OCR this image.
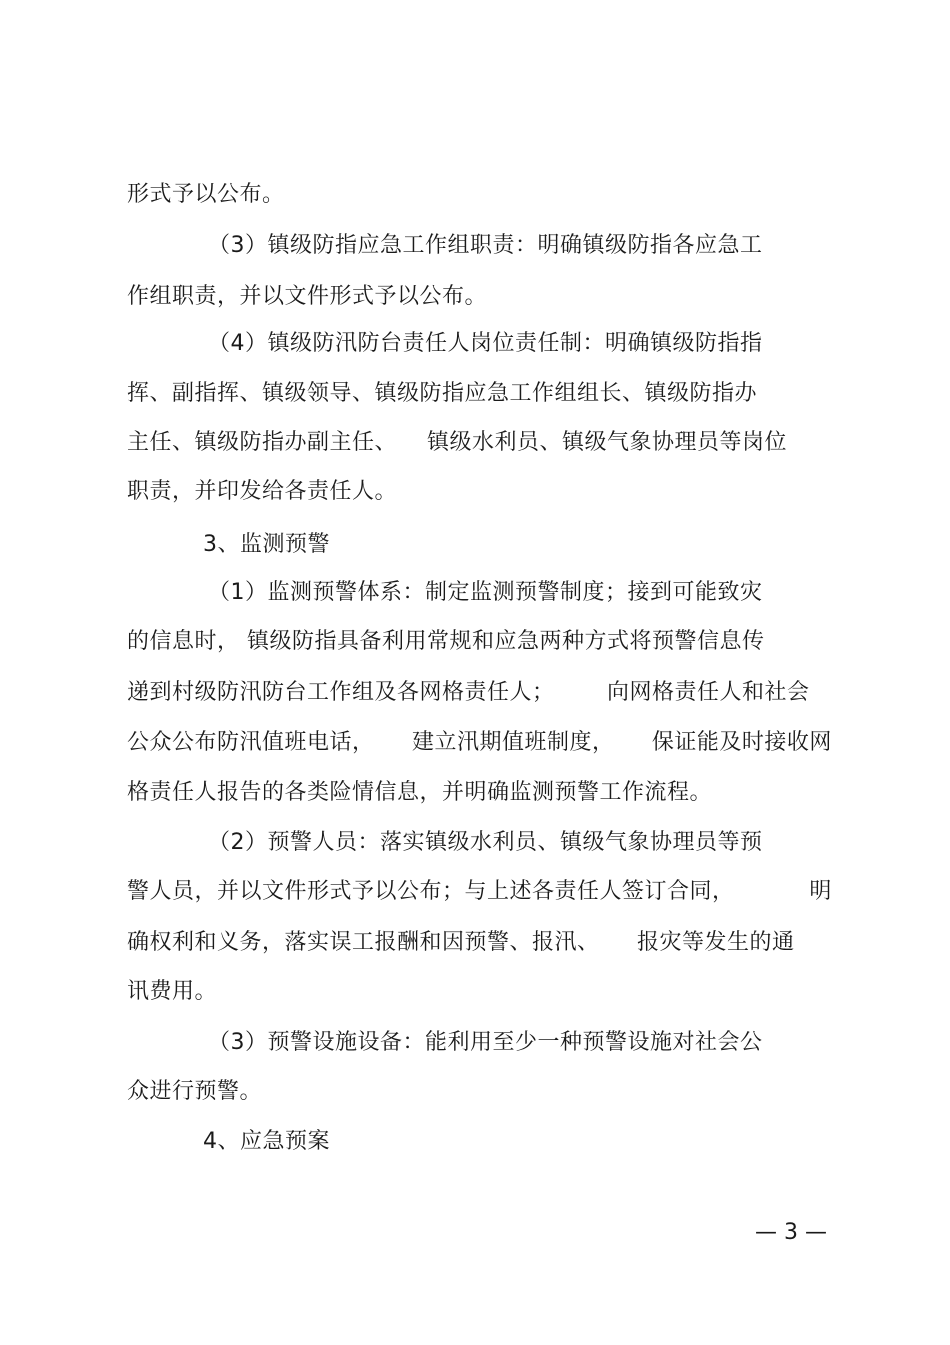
形式予以公布。
（3）镇级防指应急工作组职责：明确镇级防指各应急工
作组职责，并以文件形式予以公布。
（4）镇级防汛防台责任人岗位责任制：明确镇级防指指
挥、副指挥、镇级领导、镇级防指应急工作组组长、镇级防指办
主任、镇级防指办副主任、    镇级水利员、镇级气象协理员等岗位
职责，并印发给各责任人。
3、监测预警
（1）监测预警体系：制定监测预警制度；接到可能致灾
的信息时， 镇级防指具备利用常规和应急两种方式将预警信息传
递到村级防汛防台工作组及各网格责任人；       向网格责任人和社会
公众公布防汛值班电话，     建立汛期值班制度，     保证能及时接收网
格责任人报告的各类险情信息，并明确监测预警工作流程。
（2）预警人员：落实镇级水利员、镇级气象协理员等预
警人员，并以文件形式予以公布；与上述各责任人签订合同，          明
确权利和义务，落实误工报酬和因预警、报汛、     报灾等发生的通
讯费用。
（3）预警设施设备：能利用至少一种预警设施对社会公
众进行预警。
4、应急预案
— 3 —
